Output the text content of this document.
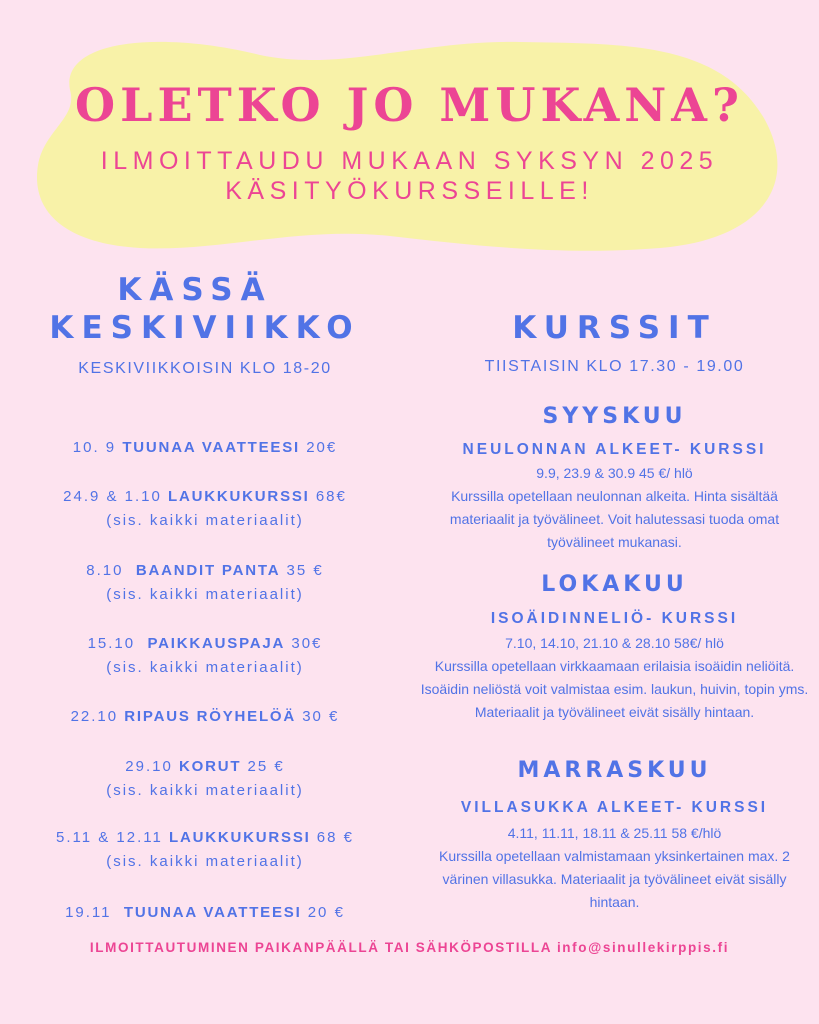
OLETKO JO MUKANA?
ILMOITTAUDU MUKAAN SYKSYN 2025
KÄSITYÖKURSSEILLE!
KÄSSÄ
KESKIVIIKKO
KESKIVIIKKOISIN KLO 18-20
10. 9 TUUNAA VAATTEESI 20€
24.9 & 1.10 LAUKKUKURSSI 68€
(sis. kaikki materiaalit)
8.10 BAANDIT PANTA 35 €
(sis. kaikki materiaalit)
15.10 PAIKKAUSPAJA 30€
(sis. kaikki materiaalit)
22.10 RIPAUS RÖYHELÖÄ 30 €
29.10 KORUT 25 €
(sis. kaikki materiaalit)
5.11 & 12.11 LAUKKUKURSSI 68 €
(sis. kaikki materiaalit)
19.11 TUUNAA VAATTEESI 20 €
KURSSIT
TIISTAISIN KLO 17.30 - 19.00
SYYSKUU
NEULONNAN ALKEET- KURSSI
9.9, 23.9 & 30.9 45 €/ hlö
Kurssilla opetellaan neulonnan alkeita. Hinta sisältää materiaalit ja työvälineet. Voit halutessasi tuoda omat työvälineet mukanasi.
LOKAKUU
ISOÄIDINNELIÖ- KURSSI
7.10, 14.10, 21.10 & 28.10 58€/ hlö
Kurssilla opetellaan virkkaamaan erilaisia isoäidin neliöitä. Isoäidin neliöstä voit valmistaa esim. laukun, huivin, topin yms. Materiaalit ja työvälineet eivät sisälly hintaan.
MARRASKUU
VILLASUKKA ALKEET- KURSSI
4.11, 11.11, 18.11 & 25.11 58 €/hlö
Kurssilla opetellaan valmistamaan yksinkertainen max. 2 värinen villasukka. Materiaalit ja työvälineet eivät sisälly hintaan.
ILMOITTAUTUMINEN PAIKANPÄÄLLÄ TAI SÄHKÖPOSTILLA info@sinullekirppis.fi
